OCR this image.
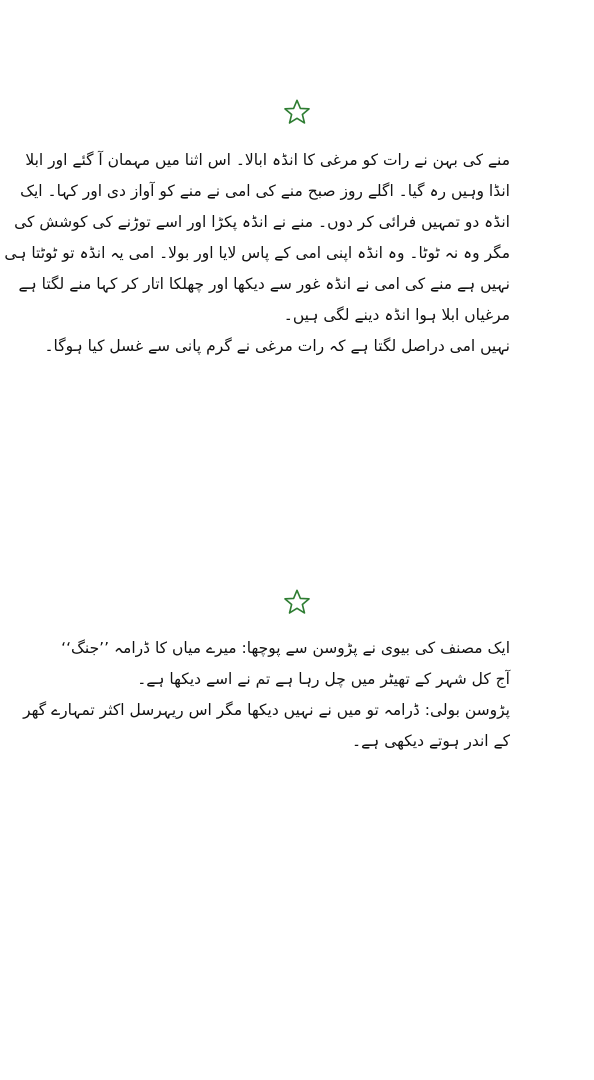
منے کی بہن نے رات کو مرغی کا انڈہ ابالا۔ اس اثنا میں مہمان آ گئے اور ابلا
انڈا وہیں رہ گیا۔ اگلے روز صبح منے کی امی نے منے کو آواز دی اور کہا۔ ایک
انڈہ دو تمہیں فرائی کر دوں۔ منے نے انڈہ پکڑا اور اسے توڑنے کی کوشش کی
مگر وہ نہ ٹوٹا۔ وہ انڈہ اپنی امی کے پاس لایا اور بولا۔ امی یہ انڈہ تو ٹوٹتا ہی
نہیں ہے منے کی امی نے انڈہ غور سے دیکھا اور چھلکا اتار کر کہا منے لگتا ہے
مرغیاں ابلا ہوا انڈہ دینے لگی ہیں۔
نہیں امی دراصل لگتا ہے کہ رات مرغی نے گرم پانی سے غسل کیا ہوگا۔
ایک مصنف کی بیوی نے پڑوسن سے پوچھا: میرے میاں کا ڈرامہ ’’جنگ‘‘
آج کل شہر کے تھیٹر میں چل رہا ہے تم نے اسے دیکھا ہے۔
پڑوسن بولی: ڈرامہ تو میں نے نہیں دیکھا مگر اس ریہرسل اکثر تمہارے گھر
کے اندر ہوتے دیکھی ہے۔
